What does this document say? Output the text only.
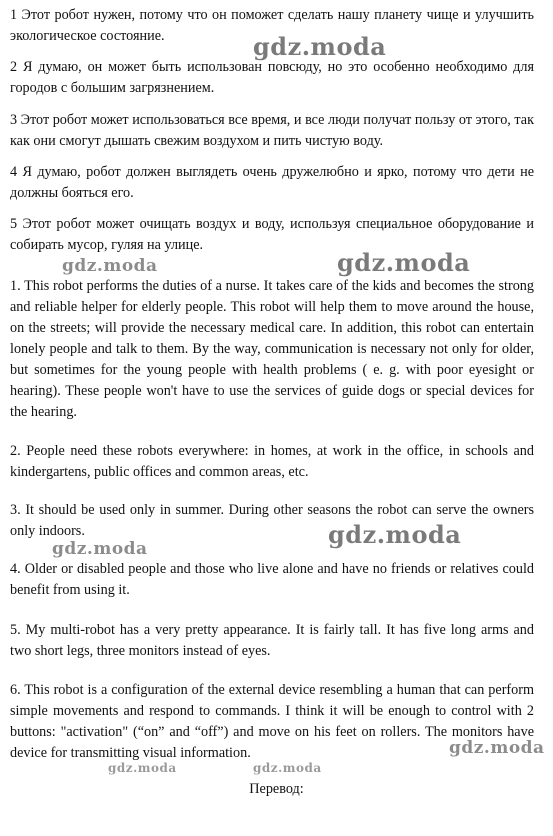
1 Этот робот нужен, потому что он поможет сделать нашу планету чище и улучшить экологическое состояние.

2 Я думаю, он может быть использован повсюду, но это особенно необходимо для городов с большим загрязнением.

3 Этот робот может использоваться все время, и все люди получат пользу от этого, так как они смогут дышать свежим воздухом и пить чистую воду.

4 Я думаю, робот должен выглядеть очень дружелюбно и ярко, потому что дети не должны бояться его.

5 Этот робот может очищать воздух и воду, используя специальное оборудование и собирать мусор, гуляя на улице.

1. This robot performs the duties of a nurse. It takes care of the kids and becomes the strong and reliable helper for elderly people. This robot will help them to move around the house, on the streets; will provide the necessary medical care. In addition, this robot can entertain lonely people and talk to them. By the way, communication is necessary not only for older, but sometimes for the young people with health problems ( e. g. with poor eyesight or hearing). These people won't have to use the services of guide dogs or special devices for the hearing.

2. People need these robots everywhere: in homes, at work in the office, in schools and kindergartens, public offices and common areas, etc.

3. It should be used only in summer. During other seasons the robot can serve the owners only indoors.

4. Older or disabled people and those who live alone and have no friends or relatives could benefit from using it.

5. My multi-robot has a very pretty appearance. It is fairly tall. It has five long arms and two short legs, three monitors instead of eyes.

6. This robot is a configuration of the external device resembling a human that can perform simple movements and respond to commands. I think it will be enough to control with 2 buttons: "activation" (“on” and “off”) and move on his feet on rollers. The monitors have device for transmitting visual information.

Перевод:
gdz.moda
gdz.moda	gdz.moda
gdz.moda
gdz.moda
gdz.moda
gdz.moda	gdz.moda
